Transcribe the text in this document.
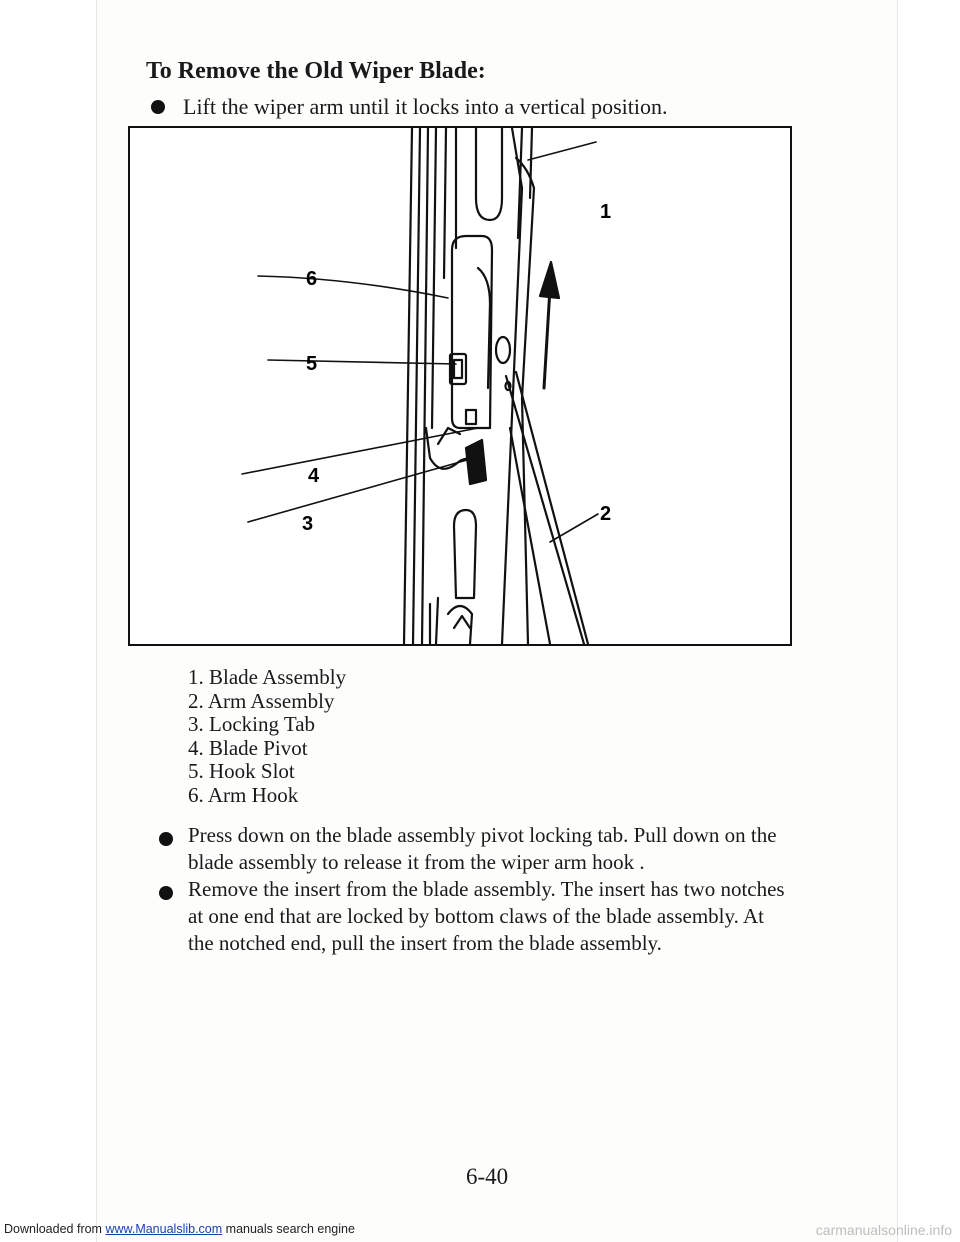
To Remove the Old Wiper Blade:
Lift the wiper arm until it locks into a vertical position.
1
2
3
4
5
6
1. Blade Assembly
2. Arm Assembly
3. Locking Tab
4. Blade Pivot
5. Hook Slot
6. Arm Hook

Press down on the blade assembly pivot locking tab. Pull down on the
blade assembly to release it from the wiper arm hook .

Remove the insert from the blade assembly. The insert has two notches
at one end that are locked by bottom claws of the blade assembly. At
the notched end, pull the insert from the blade assembly.

6-40
Downloaded from www.Manualslib.com manuals search engine	carmanualsonline.info
